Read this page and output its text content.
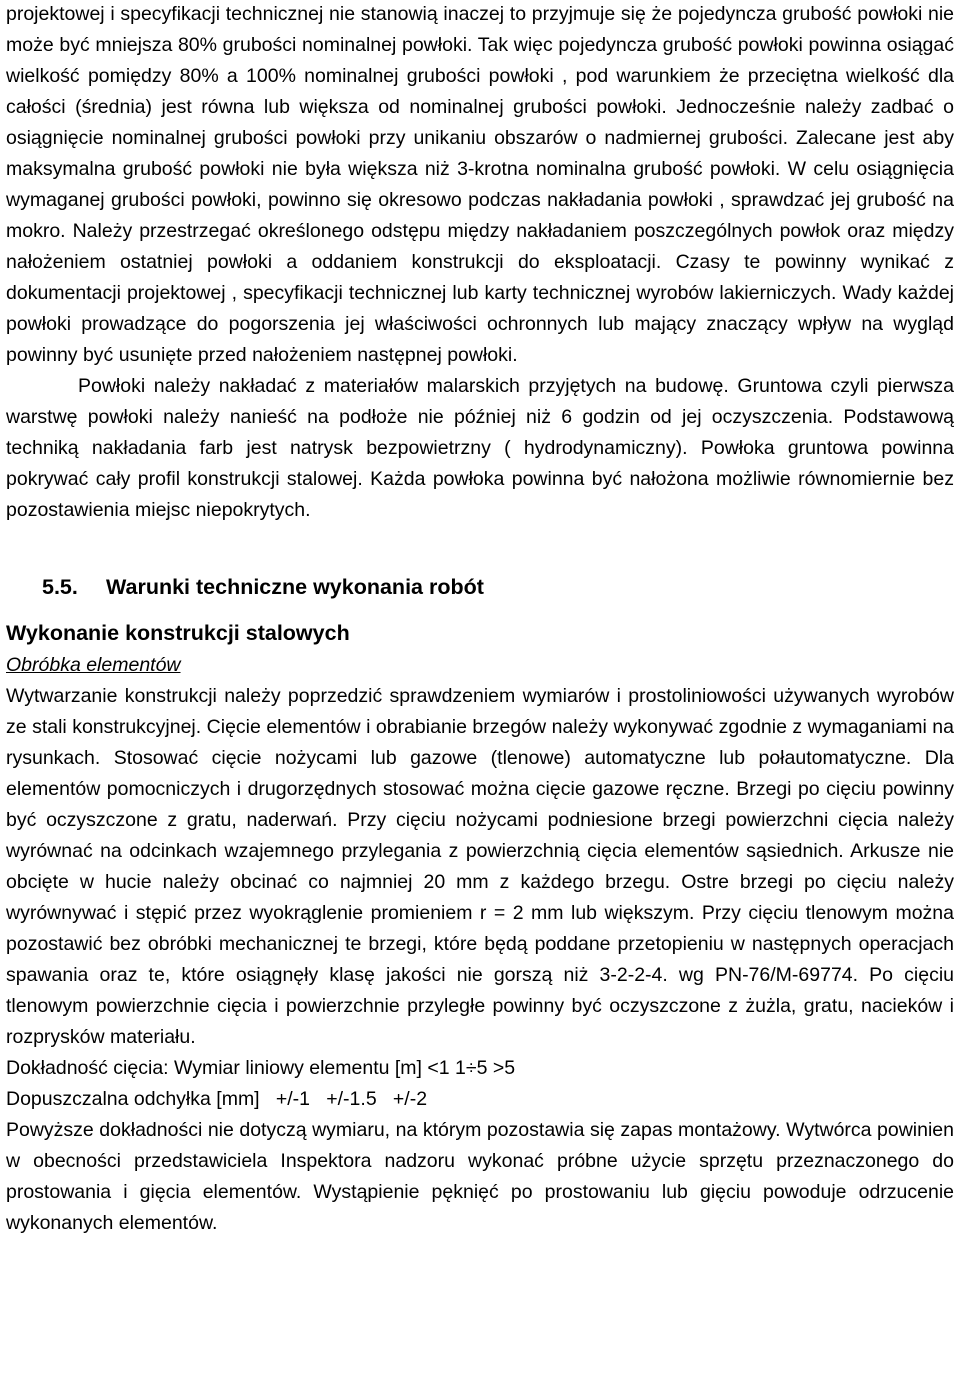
projektowej i specyfikacji technicznej nie stanowią inaczej to przyjmuje się że pojedyncza grubość powłoki nie może być mniejsza 80% grubości nominalnej powłoki. Tak więc pojedyncza grubość powłoki powinna osiągać wielkość pomiędzy 80% a 100% nominalnej grubości powłoki , pod warunkiem że przeciętna wielkość dla całości (średnia) jest równa lub większa od nominalnej grubości powłoki. Jednocześnie należy zadbać o osiągnięcie nominalnej grubości powłoki przy unikaniu obszarów o nadmiernej grubości. Zalecane jest aby maksymalna grubość powłoki nie była większa niż 3-krotna nominalna grubość powłoki. W celu osiągnięcia wymaganej grubości powłoki, powinno się okresowo podczas nakładania powłoki , sprawdzać jej grubość na mokro. Należy przestrzegać określonego odstępu między nakładaniem poszczególnych powłok oraz między nałożeniem ostatniej powłoki a oddaniem konstrukcji do eksploatacji. Czasy te powinny wynikać z dokumentacji projektowej , specyfikacji technicznej lub karty technicznej wyrobów lakierniczych. Wady każdej powłoki prowadzące do pogorszenia jej właściwości ochronnych lub mający znaczący wpływ na wygląd powinny być usunięte przed nałożeniem następnej powłoki.

Powłoki należy nakładać z materiałów malarskich przyjętych na budowę. Gruntowa czyli pierwsza warstwę powłoki należy nanieść na podłoże nie później niż 6 godzin od jej oczyszczenia. Podstawową techniką nakładania farb jest natrysk bezpowietrzny ( hydrodynamiczny). Powłoka gruntowa powinna pokrywać cały profil konstrukcji stalowej. Każda powłoka powinna być nałożona możliwie równomiernie bez pozostawienia miejsc niepokrytych.

5.5. Warunki techniczne wykonania robót
Wykonanie konstrukcji stalowych
Obróbka elementów

Wytwarzanie konstrukcji należy poprzedzić sprawdzeniem wymiarów i prostoliniowości używanych wyrobów ze stali konstrukcyjnej. Cięcie elementów i obrabianie brzegów należy wykonywać zgodnie z wymaganiami na rysunkach. Stosować cięcie nożycami lub gazowe (tlenowe) automatyczne lub połautomatyczne. Dla elementów pomocniczych i drugorzędnych stosować można cięcie gazowe ręczne. Brzegi po cięciu powinny być oczyszczone z gratu, naderwań. Przy cięciu nożycami podniesione brzegi powierzchni cięcia należy wyrównać na odcinkach wzajemnego przylegania z powierzchnią cięcia elementów sąsiednich. Arkusze nie obcięte w hucie należy obcinać co najmniej 20 mm z każdego brzegu. Ostre brzegi po cięciu należy wyrównywać i stępić przez wyokrąglenie promieniem r = 2 mm lub większym. Przy cięciu tlenowym można pozostawić bez obróbki mechanicznej te brzegi, które będą poddane przetopieniu w następnych operacjach spawania oraz te, które osiągnęły klasę jakości nie gorszą niż 3-2-2-4. wg PN-76/M-69774. Po cięciu tlenowym powierzchnie cięcia i powierzchnie przyległe powinny być oczyszczone z żużla, gratu, nacieków i rozprysków materiału.

Dokładność cięcia: Wymiar liniowy elementu [m] <1 1÷5 >5

Dopuszczalna odchyłka [mm]   +/-1   +/-1.5   +/-2

Powyższe dokładności nie dotyczą wymiaru, na którym pozostawia się zapas montażowy. Wytwórca powinien w obecności przedstawiciela Inspektora nadzoru wykonać próbne użycie sprzętu przeznaczonego do prostowania i gięcia elementów. Wystąpienie pęknięć po prostowaniu lub gięciu powoduje odrzucenie wykonanych elementów.
